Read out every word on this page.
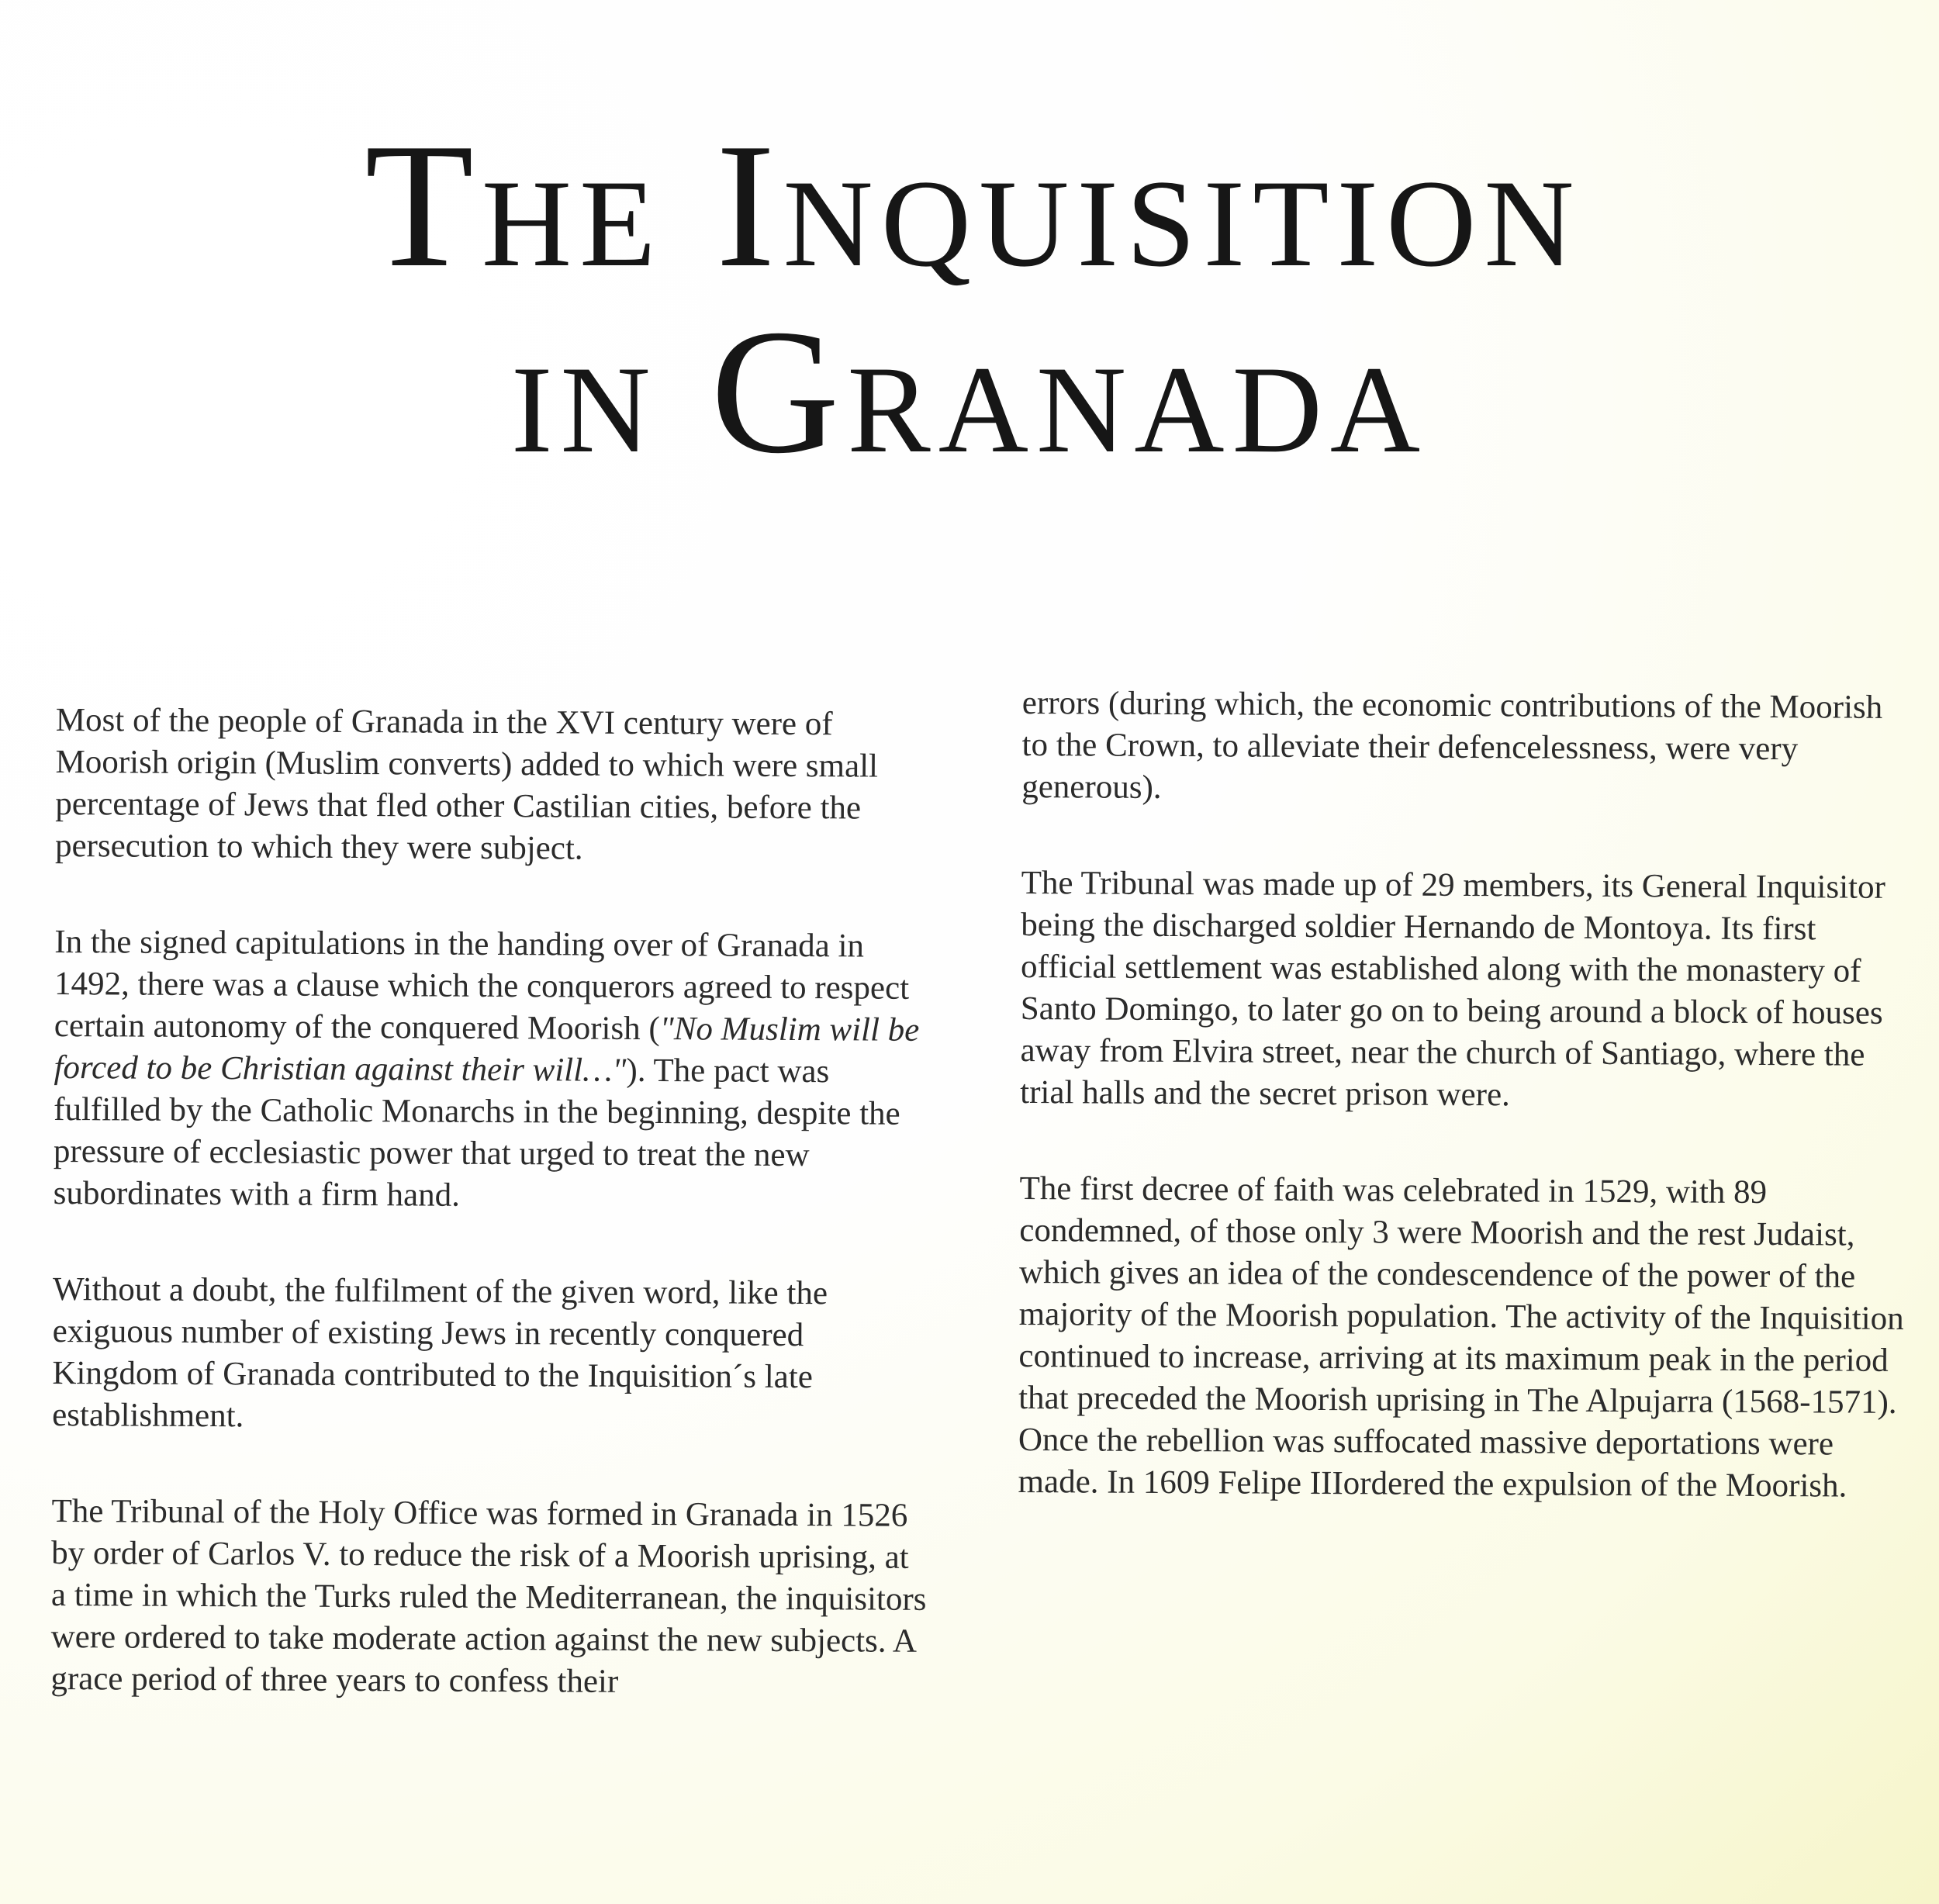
The Inquisition
in Granada

Most of the people of Granada in the XVI century were of Moorish origin (Muslim converts) added to which were small percentage of Jews that fled other Castilian cities, before the persecution to which they were subject.

In the signed capitulations in the handing over of Granada in 1492, there was a clause which the conquerors agreed to respect certain autonomy of the conquered Moorish ("No Muslim will be forced to be Christian against their will…"). The pact was fulfilled by the Catholic Monarchs in the beginning, despite the pressure of ecclesiastic power that urged to treat the new subordinates with a firm hand.

Without a doubt, the fulfilment of the given word, like the exiguous number of existing Jews in recently conquered Kingdom of Granada contributed to the Inquisition´s late establishment.

The Tribunal of the Holy Office was formed in Granada in 1526 by order of Carlos V. to reduce the risk of a Moorish uprising, at a time in which the Turks ruled the Mediterranean, the inquisitors were ordered to take moderate action against the new subjects. A grace period of three years to confess their

errors (during which, the economic contributions of the Moorish to the Crown, to alleviate their defencelessness, were very generous).

The Tribunal was made up of 29 members, its General Inquisitor being the discharged soldier Hernando de Montoya. Its first official settlement was established along with the monastery of Santo Domingo, to later go on to being around a block of houses away from Elvira street, near the church of Santiago, where the trial halls and the secret prison were.

The first decree of faith was celebrated in 1529, with 89 condemned, of those only 3 were Moorish and the rest Judaist, which gives an idea of the condescendence of the power of the majority of the Moorish population. The activity of the Inquisition continued to increase, arriving at its maximum peak in the period that preceded the Moorish uprising in The Alpujarra (1568-1571). Once the rebellion was suffocated massive deportations were made. In 1609 Felipe IIIordered the expulsion of the Moorish.
